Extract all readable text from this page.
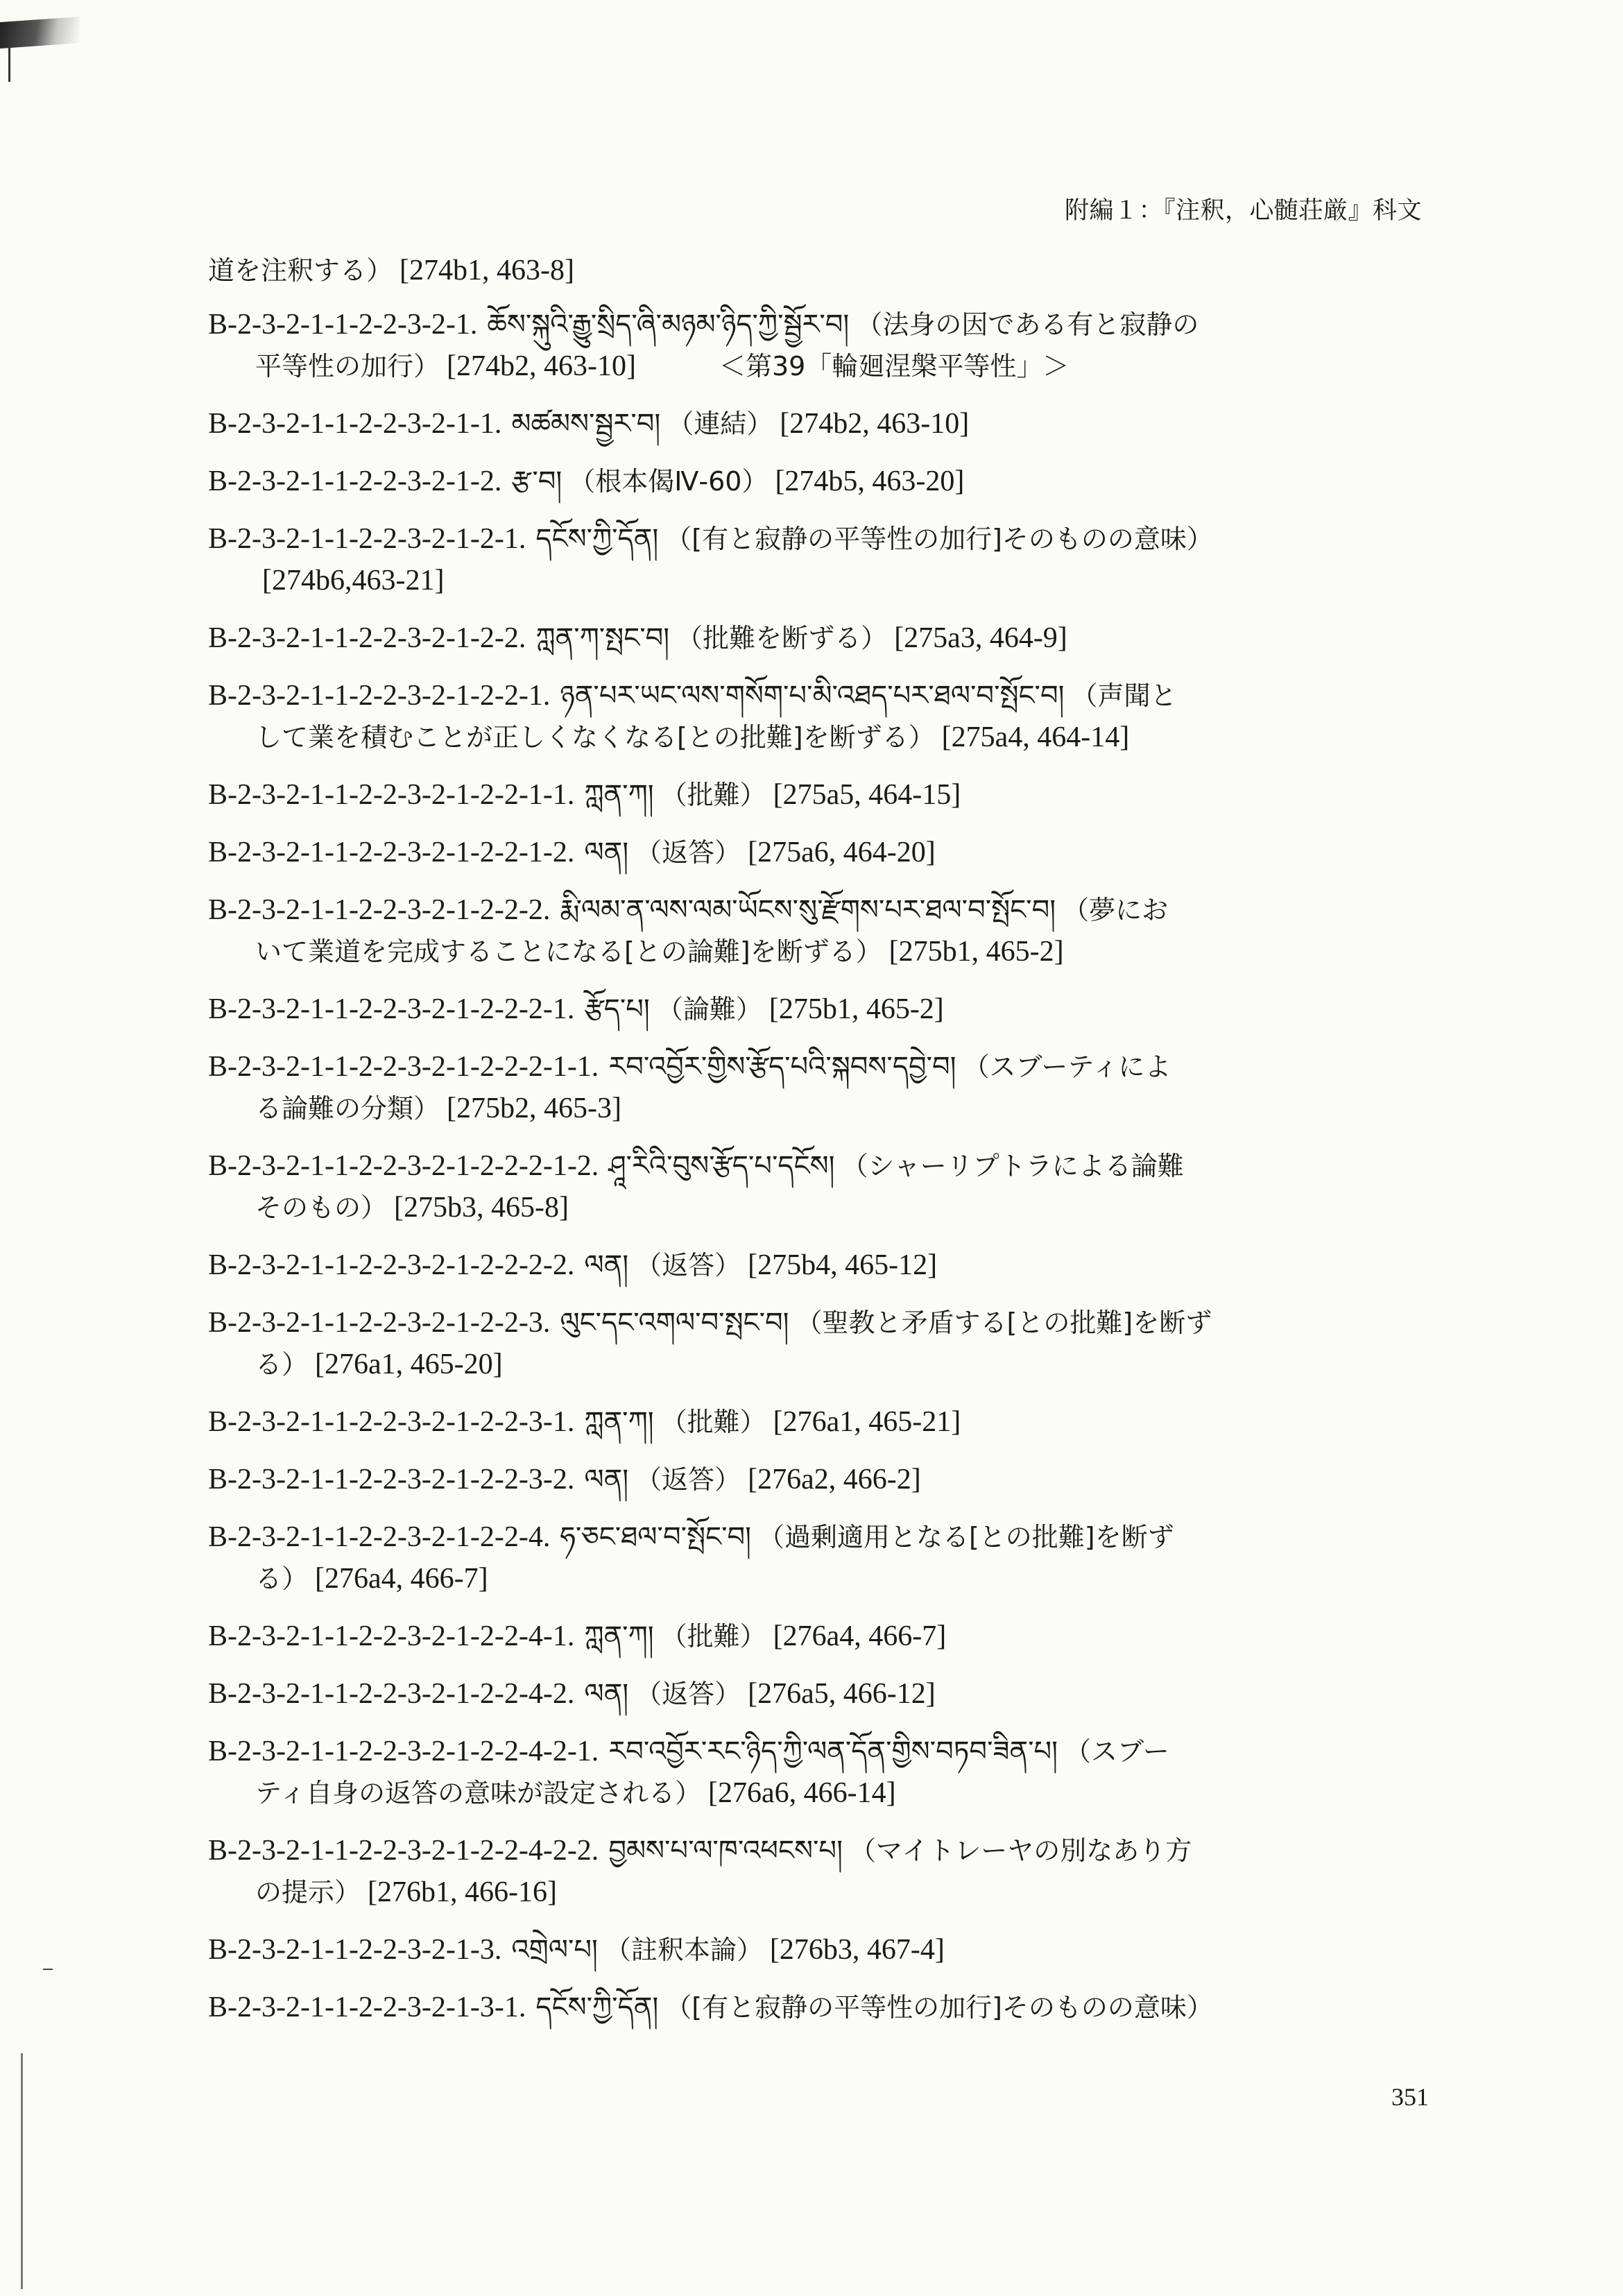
附編１：『注釈，心髄荘厳』科文
道を注釈する） [274b1, 463-8]
B-2-3-2-1-1-2-2-3-2-1. ཆོས་སྐུའི་རྒྱུ་སྲིད་ཞི་མཉམ་ཉིད་ཀྱི་སྦྱོར་བ། （法身の因である有と寂静の
平等性の加行） [274b2, 463-10]	＜第39「輪廻涅槃平等性」＞
B-2-3-2-1-1-2-2-3-2-1-1. མཚམས་སྦྱར་བ། （連結） [274b2, 463-10]
B-2-3-2-1-1-2-2-3-2-1-2. རྩ་བ། （根本偈Ⅳ-60） [274b5, 463-20]
B-2-3-2-1-1-2-2-3-2-1-2-1. དངོས་ཀྱི་དོན། （[有と寂静の平等性の加行]そのものの意味）
[274b6,463-21]
B-2-3-2-1-1-2-2-3-2-1-2-2. ཀླན་ཀ་སྤང་བ། （批難を断ずる） [275a3, 464-9]
B-2-3-2-1-1-2-2-3-2-1-2-2-1. ཉན་པར་ཡང་ལས་གསོག་པ་མི་འཐད་པར་ཐལ་བ་སྤོང་བ། （声聞と
して業を積むことが正しくなくなる[との批難]を断ずる） [275a4, 464-14]
B-2-3-2-1-1-2-2-3-2-1-2-2-1-1. ཀླན་ཀ། （批難） [275a5, 464-15]
B-2-3-2-1-1-2-2-3-2-1-2-2-1-2. ལན། （返答） [275a6, 464-20]
B-2-3-2-1-1-2-2-3-2-1-2-2-2. རྨི་ལམ་ན་ལས་ལམ་ཡོངས་སུ་རྫོགས་པར་ཐལ་བ་སྤོང་བ། （夢にお
いて業道を完成することになる[との論難]を断ずる） [275b1, 465-2]
B-2-3-2-1-1-2-2-3-2-1-2-2-2-1. རྩོད་པ། （論難） [275b1, 465-2]
B-2-3-2-1-1-2-2-3-2-1-2-2-2-1-1. རབ་འབྱོར་གྱིས་རྩོད་པའི་སྐབས་དབྱེ་བ། （スブーティによ
る論難の分類） [275b2, 465-3]
B-2-3-2-1-1-2-2-3-2-1-2-2-2-1-2. ཤཱ་རིའི་བུས་རྩོད་པ་དངོས། （シャーリプトラによる論難
そのもの） [275b3, 465-8]
B-2-3-2-1-1-2-2-3-2-1-2-2-2-2. ལན། （返答） [275b4, 465-12]
B-2-3-2-1-1-2-2-3-2-1-2-2-3. ལུང་དང་འགལ་བ་སྤང་བ། （聖教と矛盾する[との批難]を断ず
る） [276a1, 465-20]
B-2-3-2-1-1-2-2-3-2-1-2-2-3-1. ཀླན་ཀ། （批難） [276a1, 465-21]
B-2-3-2-1-1-2-2-3-2-1-2-2-3-2. ལན། （返答） [276a2, 466-2]
B-2-3-2-1-1-2-2-3-2-1-2-2-4. ཧ་ཅང་ཐལ་བ་སྤོང་བ། （過剰適用となる[との批難]を断ず
る） [276a4, 466-7]
B-2-3-2-1-1-2-2-3-2-1-2-2-4-1. ཀླན་ཀ། （批難） [276a4, 466-7]
B-2-3-2-1-1-2-2-3-2-1-2-2-4-2. ལན། （返答） [276a5, 466-12]
B-2-3-2-1-1-2-2-3-2-1-2-2-4-2-1. རབ་འབྱོར་རང་ཉིད་ཀྱི་ལན་དོན་གྱིས་བཏབ་ཟིན་པ། （スブー
ティ自身の返答の意味が設定される） [276a6, 466-14]
B-2-3-2-1-1-2-2-3-2-1-2-2-4-2-2. བྱམས་པ་ལ་ཁ་འཕངས་པ། （マイトレーヤの別なあり方
の提示） [276b1, 466-16]
B-2-3-2-1-1-2-2-3-2-1-3. འགྲེལ་པ། （註釈本論） [276b3, 467-4]
B-2-3-2-1-1-2-2-3-2-1-3-1. དངོས་ཀྱི་དོན། （[有と寂静の平等性の加行]そのものの意味）
351
